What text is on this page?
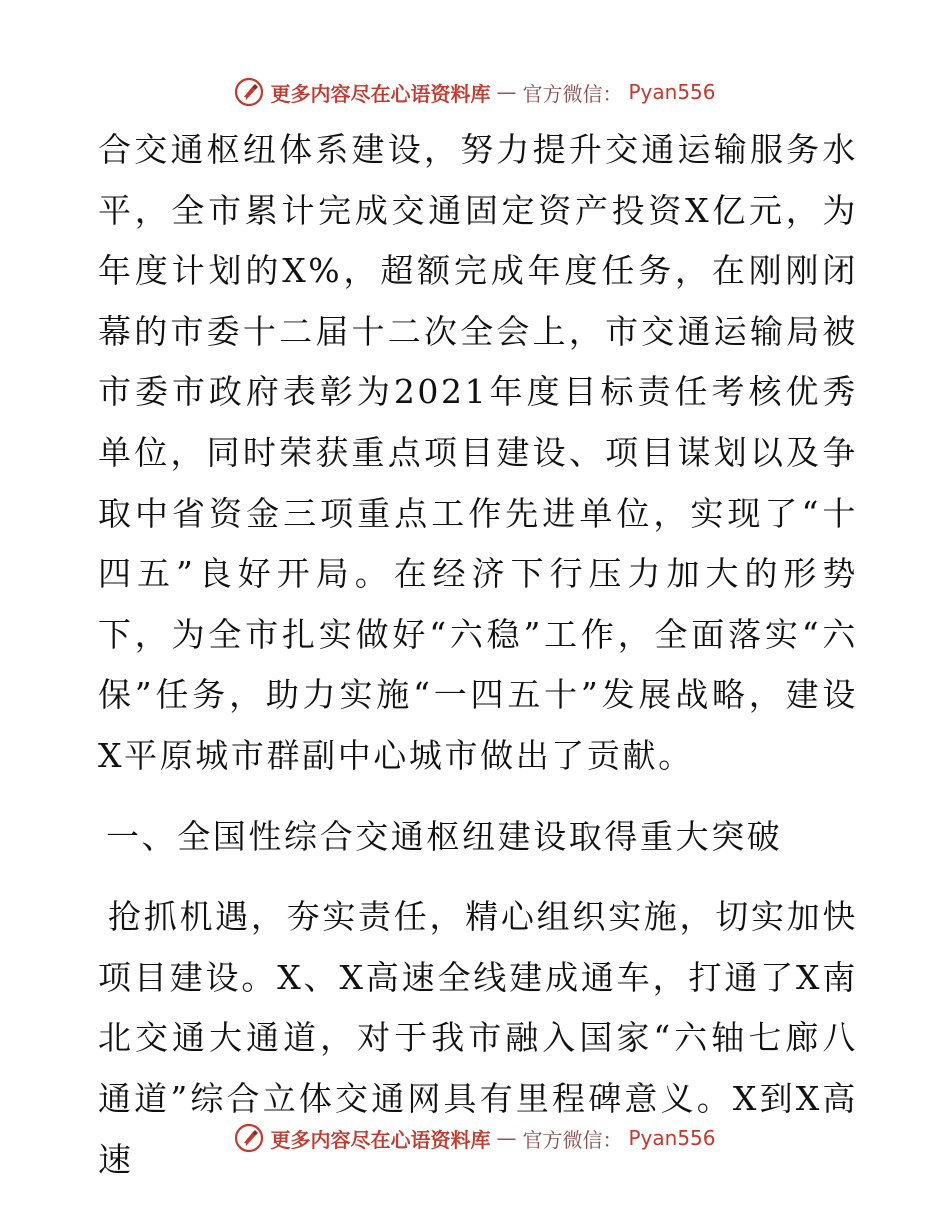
更多内容尽在心语资料库 — 官方微信： Pyan556

合交通枢纽体系建设，努力提升交通运输服务水平，全市累计完成交通固定资产投资X亿元，为年度计划的X%，超额完成年度任务，在刚刚闭幕的市委十二届十二次全会上，市交通运输局被市委市政府表彰为2021年度目标责任考核优秀单位，同时荣获重点项目建设、项目谋划以及争取中省资金三项重点工作先进单位，实现了“十四五”良好开局。在经济下行压力加大的形势下，为全市扎实做好“六稳”工作，全面落实“六保”任务，助力实施“一四五十”发展战略，建设X平原城市群副中心城市做出了贡献。

一、全国性综合交通枢纽建设取得重大突破

抢抓机遇，夯实责任，精心组织实施，切实加快项目建设。X、X高速全线建成通车，打通了X南北交通大通道，对于我市融入国家“六轴七廊八通道”综合立体交通网具有里程碑意义。X到X高速	更多内容尽在心语资料库 — 官方微信： Pyan556
